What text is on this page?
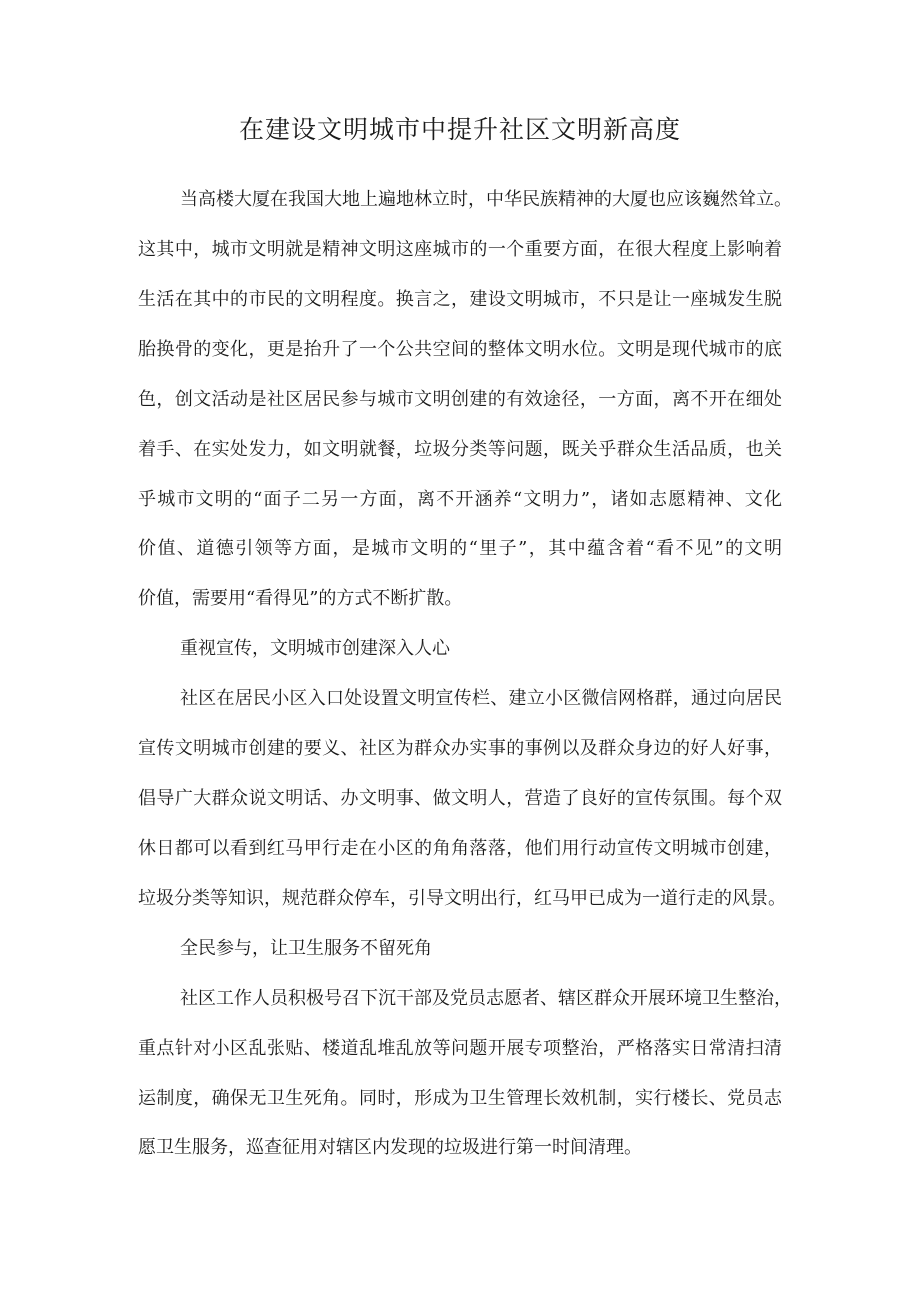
在建设文明城市中提升社区文明新高度

当高楼大厦在我国大地上遍地林立时，中华民族精神的大厦也应该巍然耸立。

这其中，城市文明就是精神文明这座城市的一个重要方面，在很大程度上影响着

生活在其中的市民的文明程度。换言之，建设文明城市，不只是让一座城发生脱

胎换骨的变化，更是抬升了一个公共空间的整体文明水位。文明是现代城市的底

色，创文活动是社区居民参与城市文明创建的有效途径，一方面，离不开在细处

着手、在实处发力，如文明就餐，垃圾分类等问题，既关乎群众生活品质，也关

乎城市文明的“面子二另一方面，离不开涵养“文明力”，诸如志愿精神、文化

价值、道德引领等方面，是城市文明的“里子”，其中蕴含着“看不见”的文明

价值，需要用“看得见”的方式不断扩散。

重视宣传，文明城市创建深入人心

社区在居民小区入口处设置文明宣传栏、建立小区微信网格群，通过向居民

宣传文明城市创建的要义、社区为群众办实事的事例以及群众身边的好人好事，

倡导广大群众说文明话、办文明事、做文明人，营造了良好的宣传氛围。每个双

休日都可以看到红马甲行走在小区的角角落落，他们用行动宣传文明城市创建，

垃圾分类等知识，规范群众停车，引导文明出行，红马甲已成为一道行走的风景。

全民参与，让卫生服务不留死角

社区工作人员积极号召下沉干部及党员志愿者、辖区群众开展环境卫生整治，

重点针对小区乱张贴、楼道乱堆乱放等问题开展专项整治，严格落实日常清扫清

运制度，确保无卫生死角。同时，形成为卫生管理长效机制，实行楼长、党员志

愿卫生服务，巡查征用对辖区内发现的垃圾进行第一时间清理。
